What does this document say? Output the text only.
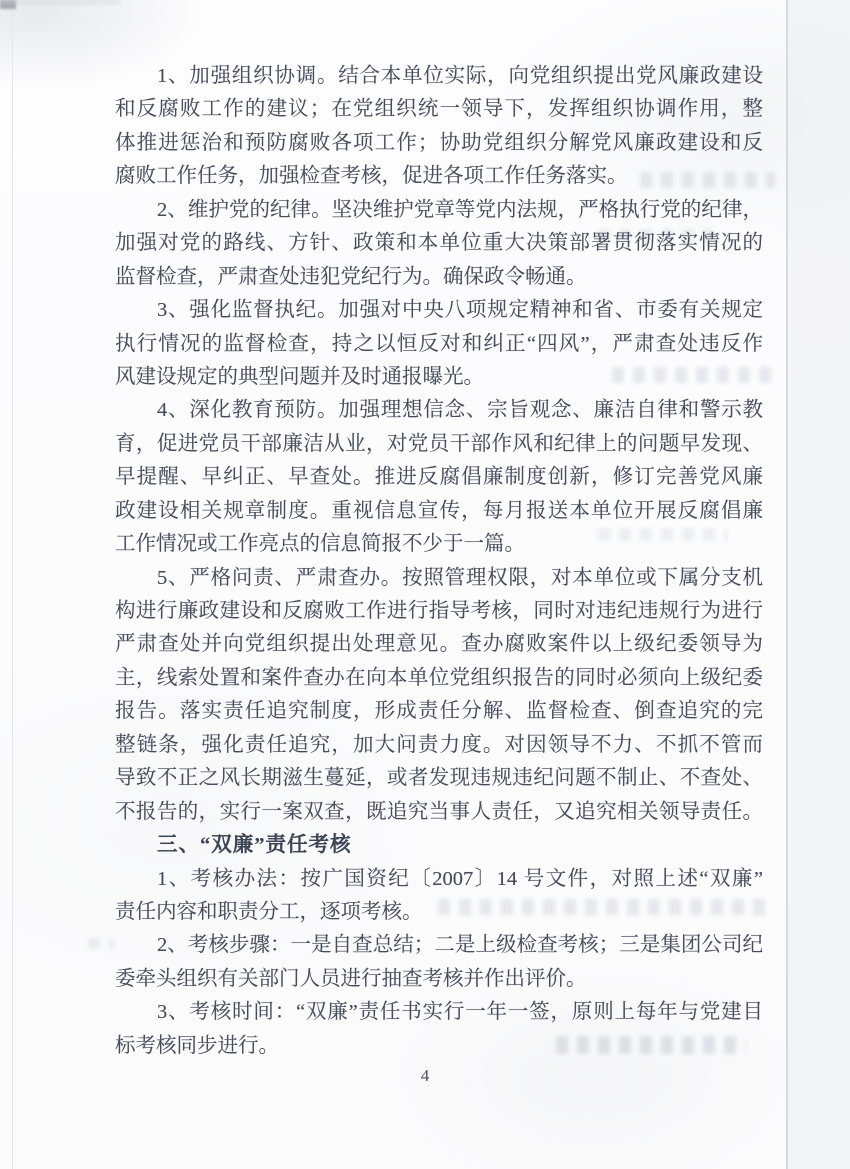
1、加强组织协调。结合本单位实际，向党组织提出党风廉政建设
和反腐败工作的建议；在党组织统一领导下，发挥组织协调作用，整
体推进惩治和预防腐败各项工作；协助党组织分解党风廉政建设和反
腐败工作任务，加强检查考核，促进各项工作任务落实。
2、维护党的纪律。坚决维护党章等党内法规，严格执行党的纪律，
加强对党的路线、方针、政策和本单位重大决策部署贯彻落实情况的
监督检查，严肃查处违犯党纪行为。确保政令畅通。
3、强化监督执纪。加强对中央八项规定精神和省、市委有关规定
执行情况的监督检查，持之以恒反对和纠正“四风”，严肃查处违反作
风建设规定的典型问题并及时通报曝光。
4、深化教育预防。加强理想信念、宗旨观念、廉洁自律和警示教
育，促进党员干部廉洁从业，对党员干部作风和纪律上的问题早发现、
早提醒、早纠正、早查处。推进反腐倡廉制度创新，修订完善党风廉
政建设相关规章制度。重视信息宣传，每月报送本单位开展反腐倡廉
工作情况或工作亮点的信息简报不少于一篇。
5、严格问责、严肃查办。按照管理权限，对本单位或下属分支机
构进行廉政建设和反腐败工作进行指导考核，同时对违纪违规行为进行
严肃查处并向党组织提出处理意见。查办腐败案件以上级纪委领导为
主，线索处置和案件查办在向本单位党组织报告的同时必须向上级纪委
报告。落实责任追究制度，形成责任分解、监督检查、倒查追究的完
整链条，强化责任追究，加大问责力度。对因领导不力、不抓不管而
导致不正之风长期滋生蔓延，或者发现违规违纪问题不制止、不查处、
不报告的，实行一案双查，既追究当事人责任，又追究相关领导责任。
三、“双廉”责任考核
1、考核办法：按广国资纪〔2007〕14 号文件，对照上述“双廉”
责任内容和职责分工，逐项考核。
2、考核步骤：一是自查总结；二是上级检查考核；三是集团公司纪
委牵头组织有关部门人员进行抽查考核并作出评价。
3、考核时间：“双廉”责任书实行一年一签，原则上每年与党建目
标考核同步进行。
4
